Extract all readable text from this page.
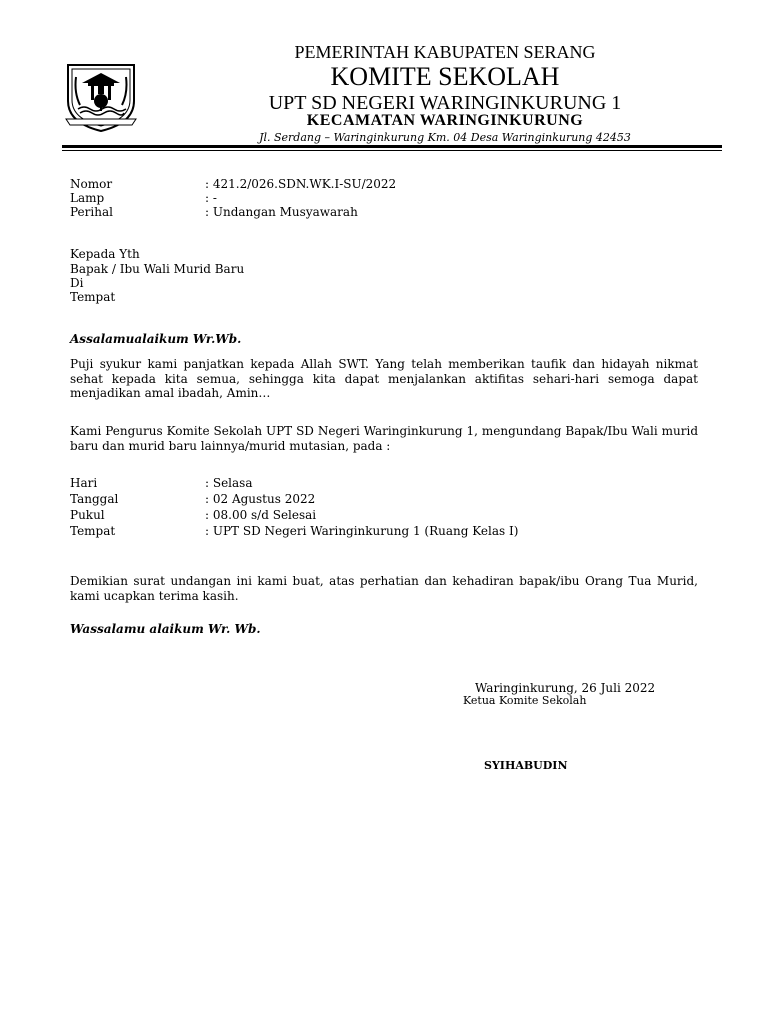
PEMERINTAH KABUPATEN SERANG
KOMITE SEKOLAH
UPT SD NEGERI WARINGINKURUNG 1
KECAMATAN WARINGINKURUNG
Jl. Serdang – Waringinkurung Km. 04 Desa Waringinkurung 42453
Nomor	: 421.2/026.SDN.WK.I-SU/2022
Lamp	: -
Perihal	: Undangan Musyawarah
Kepada Yth
Bapak / Ibu Wali Murid Baru
Di
Tempat
Assalamualaikum Wr.Wb.
Puji syukur kami panjatkan kepada Allah SWT. Yang telah memberikan taufik dan hidayah nikmat sehat kepada kita semua, sehingga kita dapat menjalankan aktifitas sehari-hari semoga dapat menjadikan amal ibadah, Amin…
Kami Pengurus Komite Sekolah UPT SD Negeri Waringinkurung 1, mengundang Bapak/Ibu Wali murid baru dan murid baru lainnya/murid mutasian, pada :
Hari	: Selasa
Tanggal	: 02 Agustus 2022
Pukul	: 08.00 s/d Selesai
Tempat	: UPT SD Negeri Waringinkurung 1 (Ruang Kelas I)
Demikian surat undangan ini kami buat, atas perhatian dan kehadiran bapak/ibu Orang Tua Murid, kami ucapkan terima kasih.
Wassalamu alaikum Wr. Wb.
Waringinkurung, 26 Juli 2022
Ketua Komite Sekolah
SYIHABUDIN
